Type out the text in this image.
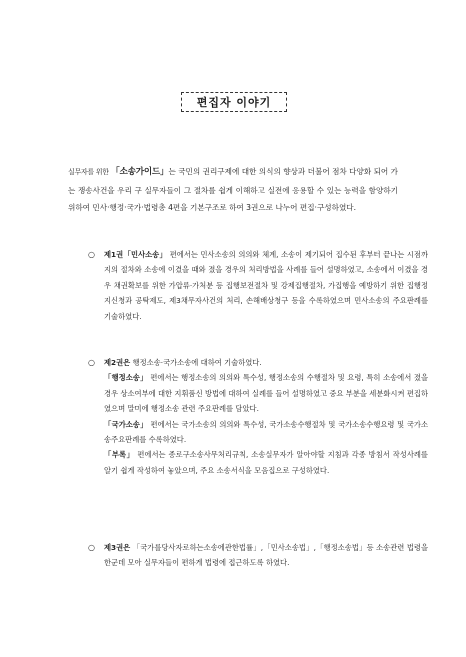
편집자 이야기
실무자를 위한 「소송가이드」는 국민의 권리구제에 대한 의식의 향상과 더불어 점차 다양화 되어 가는 쟁송사건을 우리 구 실무자들이 그 절차를 쉽게 이해하고 실전에 응용할 수 있는 능력을 함양하기 위하여 민사·행정·국가·법령총 4편을 기본구조로 하여 3권으로 나누어 편집·구성하였다.
○	제1권「민사소송」 편에서는 민사소송의 의의와 체계, 소송이 제기되어 집수된 후부터 끝나는 시점까지의 절차와 소송에 이겼을 때와 졌을 경우의 처리방법을 사례를 들어 설명하였고, 소송에서 이겼을 경우 채권확보를 위한 가압류·가처분 등 집행보전절차 및 강제집행절차, 가집행을 예방하기 위한 집행정지신청과 공탁제도, 제3채무자사건의 처리, 손해배상청구 등을 수록하였으며 민사소송의 주요판례를 기술하였다.
○	제2권은 행정소송·국가소송에 대하여 기술하였다.
「행정소송」 편에서는 행정소송의 의의와 특수성, 행정소송의 수행절차 및 요령, 특히 소송에서 졌을 경우 상소여부에 대한 지휘품신 방법에 대하여 실례를 들어 설명하였고 중요 부분을 세분화시켜 편집하였으며 말미에 행정소송 관련 주요판례를 담았다.
「국가소송」 편에서는 국가소송의 의의와 특수성, 국가소송수행절차 및 국가소송수행요령 및 국가소송주요판례를 수록하였다.
「부록」 편에서는 종로구소송사무처리규칙, 소송실무자가 알아야할 지침과 각종 방침서 작성사례를 알기 쉽게 작성하여 놓았으며, 주요 소송서식을 모음집으로 구성하였다.
○	제3권은 「국가를당사자로하는소송에관한법률」,「민사소송법」,「행정소송법」등 소송관련 법령을 한군데 모아 실무자들이 편하게 법령에 접근하도록 하였다.
